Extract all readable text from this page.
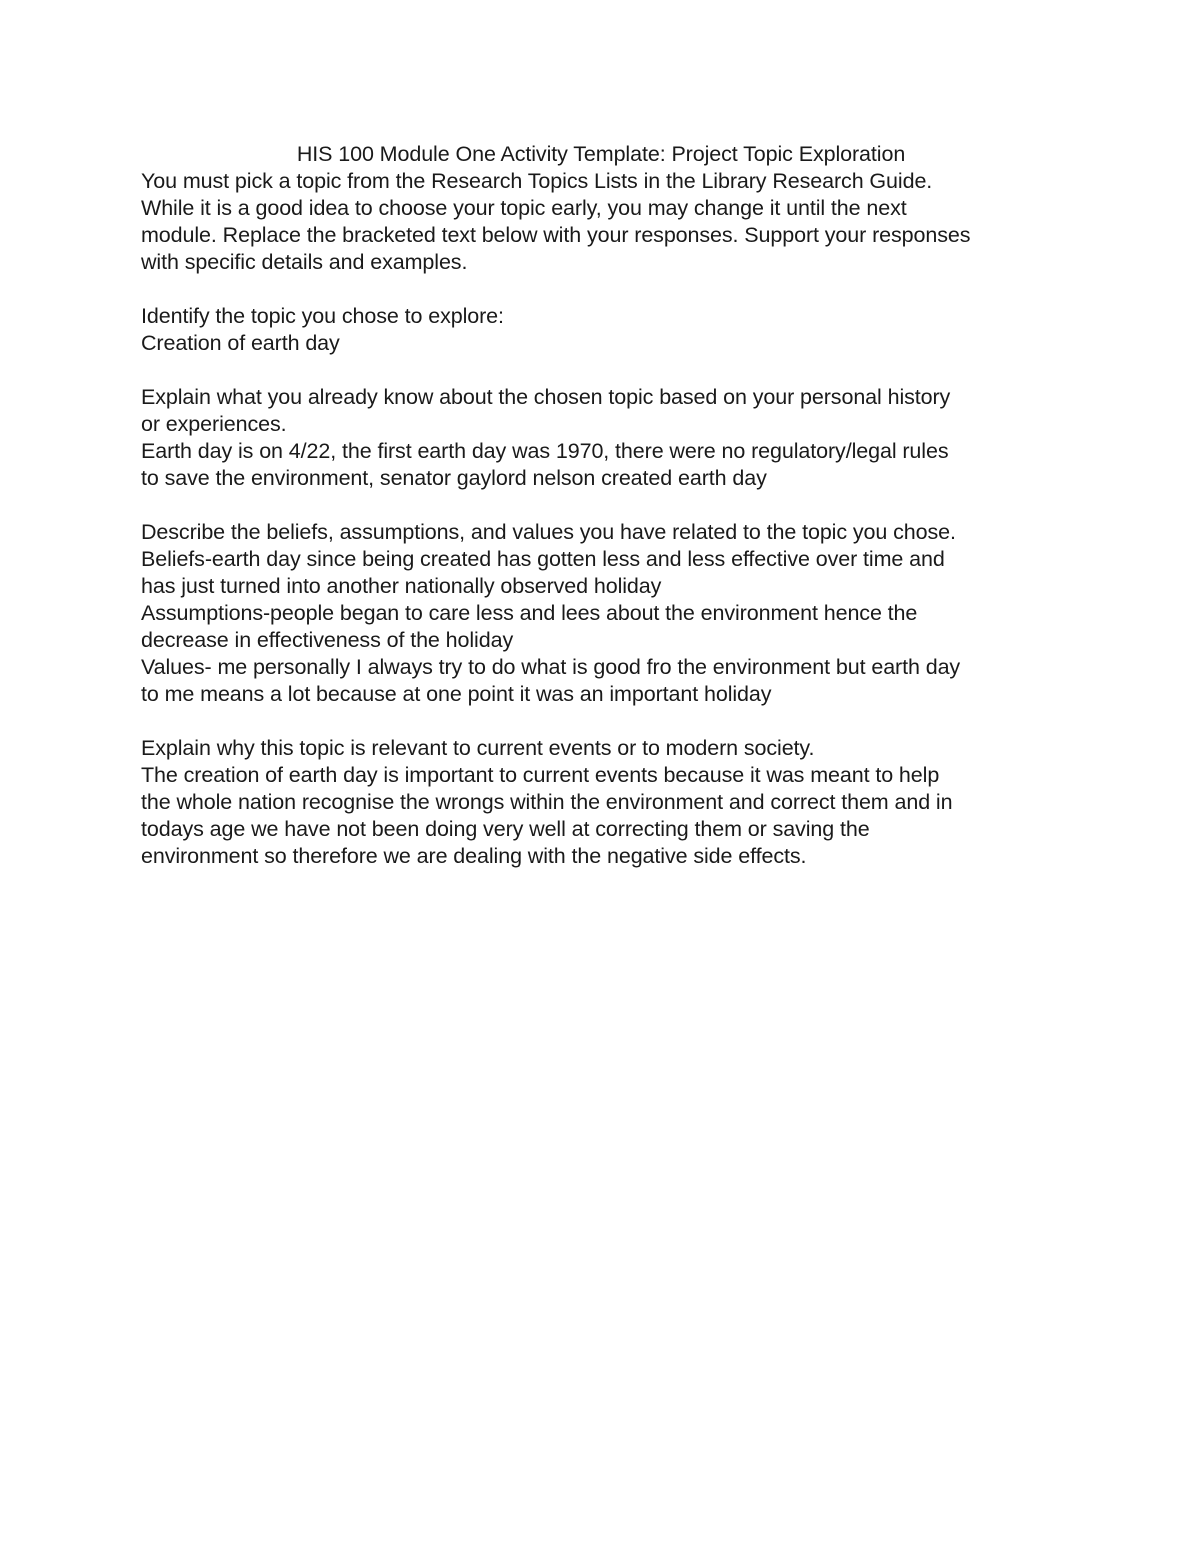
HIS 100 Module One Activity Template: Project Topic Exploration

You must pick a topic from the Research Topics Lists in the Library Research Guide.

While it is a good idea to choose your topic early, you may change it until the next

module. Replace the bracketed text below with your responses. Support your responses

with specific details and examples.

Identify the topic you chose to explore:

Creation of earth day

Explain what you already know about the chosen topic based on your personal history

or experiences.

Earth day is on 4/22, the first earth day was 1970, there were no regulatory/legal rules

to save the environment, senator gaylord nelson created earth day

Describe the beliefs, assumptions, and values you have related to the topic you chose.

Beliefs-earth day since being created has gotten less and less effective over time and

has just turned into another nationally observed holiday

Assumptions-people began to care less and lees about the environment hence the

decrease in effectiveness of the holiday

Values- me personally I always try to do what is good fro the environment but earth day

to me means a lot because at one point it was an important holiday

Explain why this topic is relevant to current events or to modern society.

The creation of earth day is important to current events because it was meant to help

the whole nation recognise the wrongs within the environment and correct them and in

todays age we have not been doing very well at correcting them or saving the

environment so therefore we are dealing with the negative side effects.
